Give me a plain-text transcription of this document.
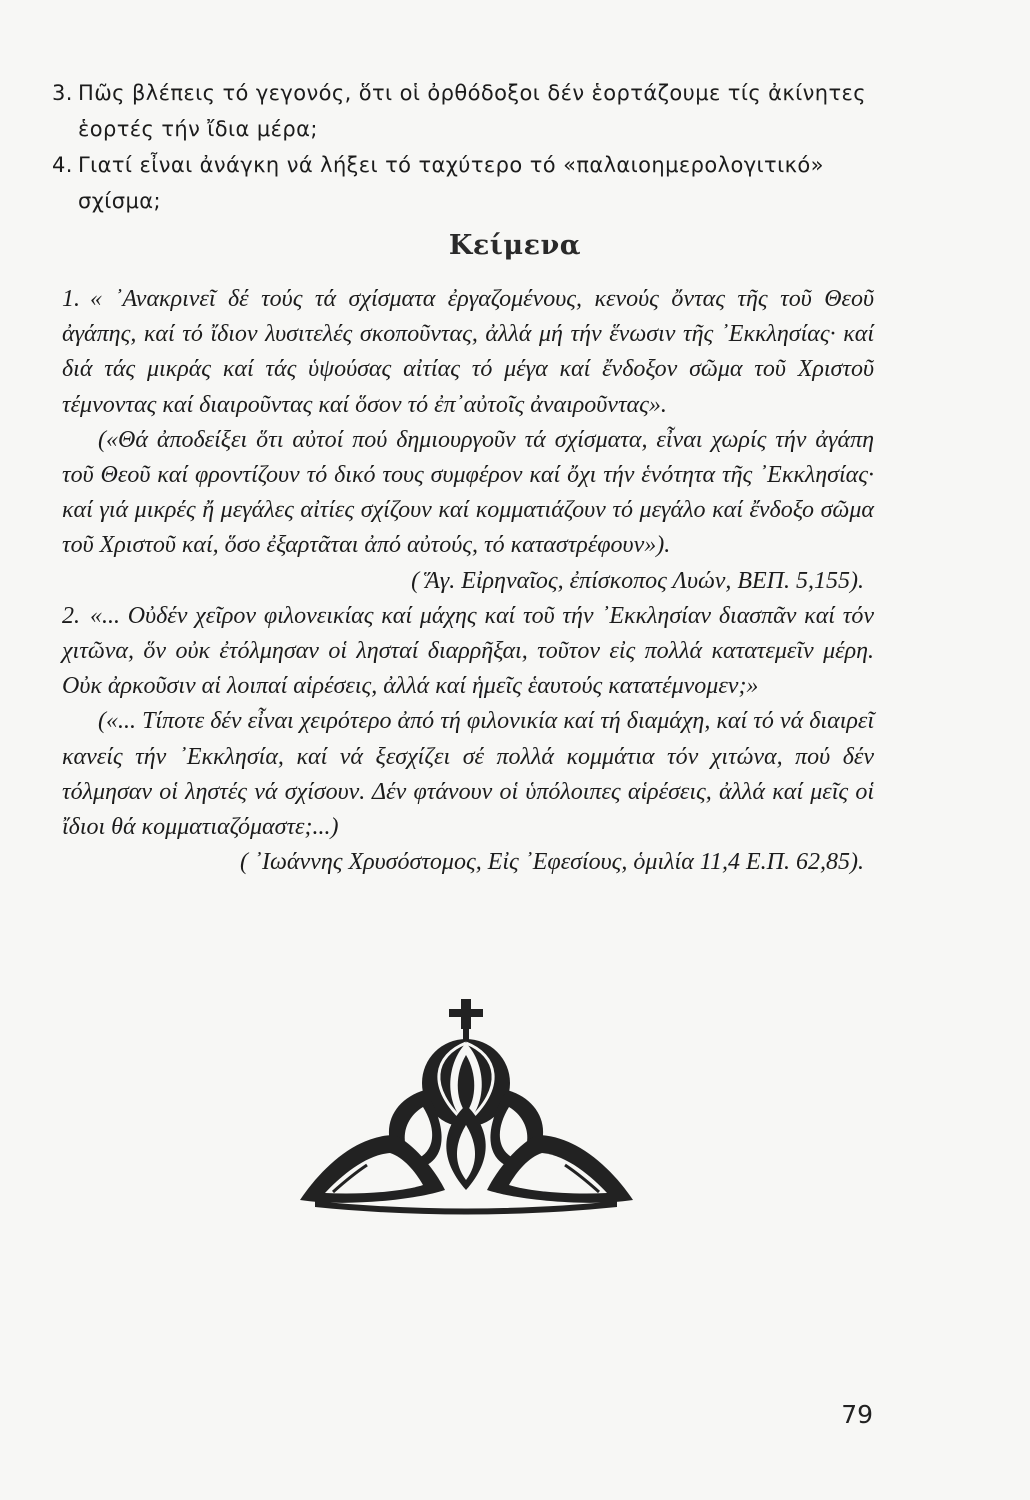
3. Πῶς βλέπεις τό γεγονός, ὅτι οἱ ὀρθόδοξοι δέν ἑορτάζουμε τίς ἀκίνητες
ἑορτές τήν ἴδια μέρα;
4. Γιατί εἶναι ἀνάγκη νά λήξει τό ταχύτερο τό «παλαιοημερολογιτικό»
σχίσμα;
Κείμενα

1. « ᾿Ανακρινεῖ δέ τούς τά σχίσματα ἐργαζομένους, κενούς ὄντας τῆς τοῦ Θεοῦ ἀγάπης, καί τό ἴδιον λυσιτελές σκοποῦντας, ἀλλά μή τήν ἕνωσιν τῆς ᾿Εκκλησίας· καί διά τάς μικράς καί τάς ὑψούσας αἰτίας τό μέγα καί ἔνδοξον σῶμα τοῦ Χριστοῦ τέμνοντας καί διαιροῦντας καί ὅσον τό ἐπ᾿αὐτοῖς ἀναιροῦντας».

(«Θά ἀποδείξει ὅτι αὐτοί πού δημιουργοῦν τά σχίσματα, εἶναι χωρίς τήν ἀγάπη τοῦ Θεοῦ καί φροντίζουν τό δικό τους συμφέρον καί ὄχι τήν ἑνότητα τῆς ᾿Εκκλησίας· καί γιά μικρές ἤ μεγάλες αἰτίες σχίζουν καί κομματιάζουν τό μεγάλο καί ἔνδοξο σῶμα τοῦ Χριστοῦ καί, ὅσο ἐξαρτᾶται ἀπό αὐτούς, τό καταστρέφουν»).

( Ἅγ. Εἰρηναῖος, ἐπίσκοπος Λυών, ΒΕΠ. 5,155).

2. «... Οὐδέν χεῖρον φιλονεικίας καί μάχης καί τοῦ τήν ᾿Εκκλησίαν διασπᾶν καί τόν χιτῶνα, ὅν οὐκ ἐτόλμησαν οἱ λησταί διαρρῆξαι, τοῦτον εἰς πολλά κατατεμεῖν μέρη. Οὐκ ἀρκοῦσιν αἱ λοιπαί αἱρέσεις, ἀλλά καί ἡμεῖς ἑαυτούς κατατέμνομεν;»

(«... Τίποτε δέν εἶναι χειρότερο ἀπό τή φιλονικία καί τή διαμάχη, καί τό νά διαιρεῖ κανείς τήν ᾿Εκκλησία, καί νά ξεσχίζει σέ πολλά κομμάτια τόν χιτώνα, πού δέν τόλμησαν οἱ ληστές νά σχίσουν. Δέν φτάνουν οἱ ὑπόλοιπες αἱρέσεις, ἀλλά καί μεῖς οἱ ἴδιοι θά κομματιαζόμαστε;...)

( ᾿Ιωάννης Χρυσόστομος, Εἰς ᾿Εφεσίους, ὁμιλία 11,4 Ε.Π. 62,85).

79
